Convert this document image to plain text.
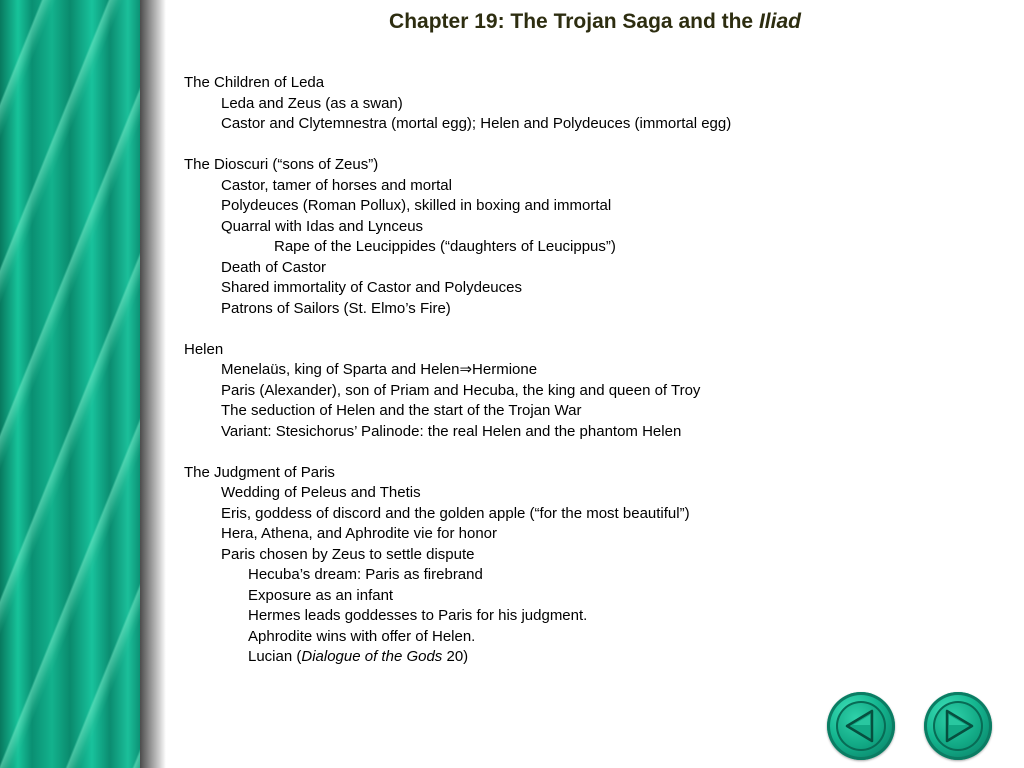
Chapter 19: The Trojan Saga and the Iliad
The Children of Leda
Leda and Zeus (as a swan)
Castor and Clytemnestra (mortal egg); Helen and Polydeuces (immortal egg)
The Dioscuri (“sons of Zeus”)
Castor, tamer of horses and mortal
Polydeuces (Roman Pollux), skilled in boxing and immortal
Quarral with Idas and Lynceus
Rape of the Leucippides (“daughters of Leucippus”)
Death of Castor
Shared immortality of Castor and Polydeuces
Patrons of Sailors (St. Elmo’s Fire)
Helen
Menelaüs, king of Sparta and Helen⇒Hermione
Paris (Alexander), son of Priam and Hecuba, the king and queen of Troy
The seduction of Helen and the start of the Trojan War
Variant: Stesichorus’ Palinode: the real Helen and the phantom Helen
The Judgment of Paris
Wedding of Peleus and Thetis
Eris, goddess of discord and the golden apple (“for the most beautiful”)
Hera, Athena, and Aphrodite vie for honor
Paris chosen by Zeus to settle dispute
Hecuba’s dream: Paris as firebrand
Exposure as an infant
Hermes leads goddesses to Paris for his judgment.
Aphrodite wins with offer of Helen.
Lucian (Dialogue of the Gods 20)
